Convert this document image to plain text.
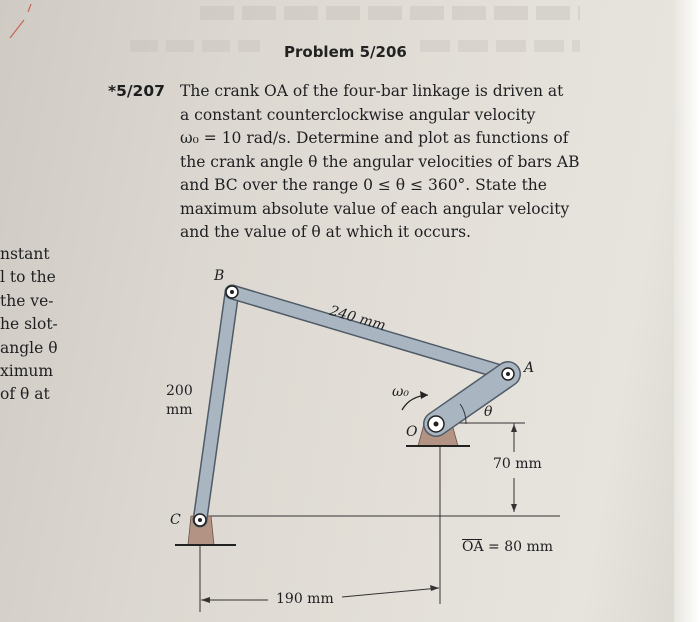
Problem 5/206
*5/207 The crank OA of the four-bar linkage is driven at

a constant counterclockwise angular velocity

ω₀ = 10 rad/s. Determine and plot as functions of

the crank angle θ the angular velocities of bars AB

and BC over the range 0 ≤ θ ≤ 360°. State the

maximum absolute value of each angular velocity

and the value of θ at which it occurs.

nstant
l to the
the ve-
he slot-
angle θ
ximum
of θ at
B
A
O
C
ω₀
θ
240 mm
200
mm
70 mm
OA = 80 mm
190 mm
